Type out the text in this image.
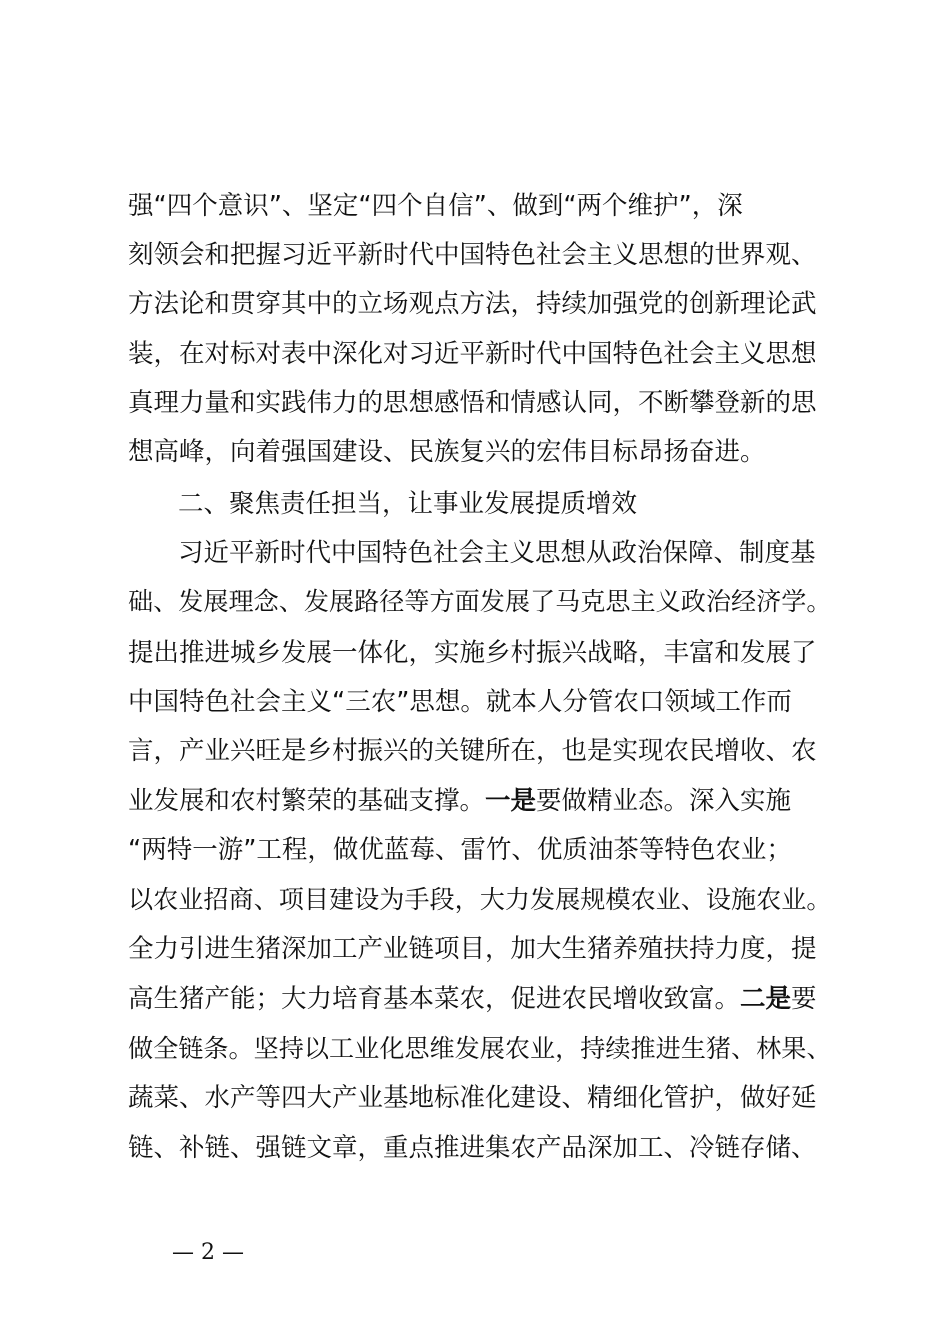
强“四个意识”、坚定“四个自信”、做到“两个维护”，深
刻领会和把握习近平新时代中国特色社会主义思想的世界观、
方法论和贯穿其中的立场观点方法，持续加强党的创新理论武
装，在对标对表中深化对习近平新时代中国特色社会主义思想
真理力量和实践伟力的思想感悟和情感认同，不断攀登新的思
想高峰，向着强国建设、民族复兴的宏伟目标昂扬奋进。
二、聚焦责任担当，让事业发展提质增效
习近平新时代中国特色社会主义思想从政治保障、制度基
础、发展理念、发展路径等方面发展了马克思主义政治经济学。
提出推进城乡发展一体化，实施乡村振兴战略，丰富和发展了
中国特色社会主义“三农”思想。就本人分管农口领域工作而
言，产业兴旺是乡村振兴的关键所在，也是实现农民增收、农
业发展和农村繁荣的基础支撑。一是要做精业态。深入实施
“两特一游”工程，做优蓝莓、雷竹、优质油茶等特色农业；
以农业招商、项目建设为手段，大力发展规模农业、设施农业。
全力引进生猪深加工产业链项目，加大生猪养殖扶持力度，提
高生猪产能；大力培育基本菜农，促进农民增收致富。二是要
做全链条。坚持以工业化思维发展农业，持续推进生猪、林果、
蔬菜、水产等四大产业基地标准化建设、精细化管护，做好延
链、补链、强链文章，重点推进集农产品深加工、冷链存储、
— 2 —
